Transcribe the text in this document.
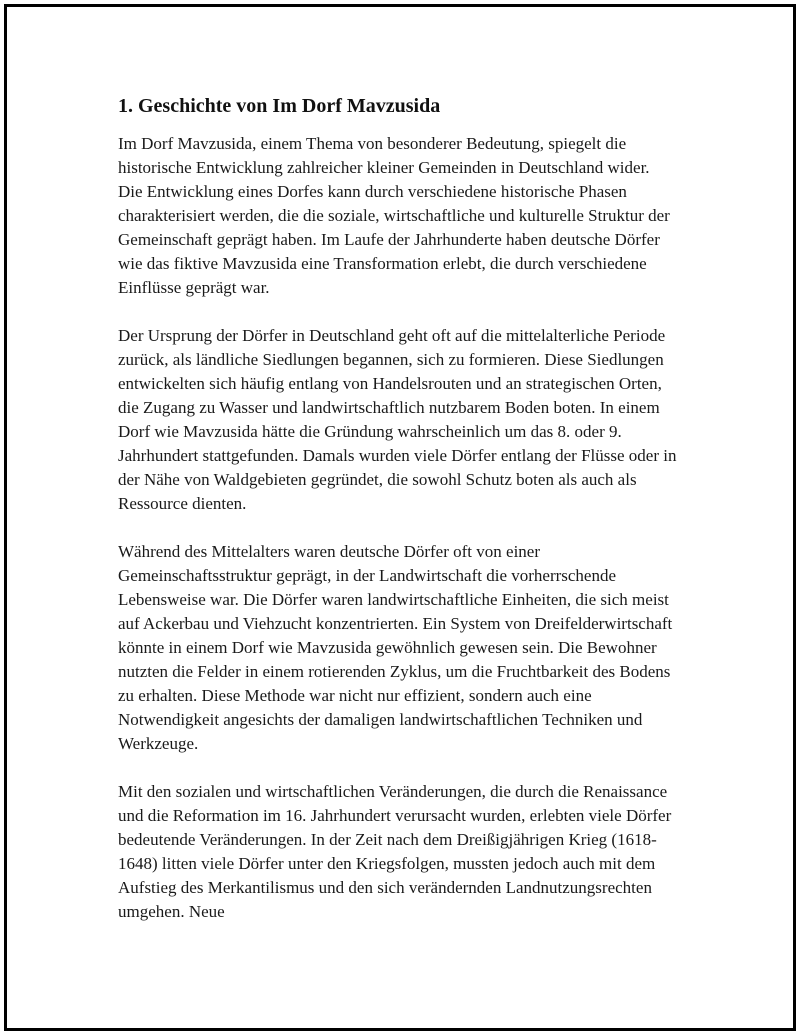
1. Geschichte von Im Dorf Mavzusida

Im Dorf Mavzusida, einem Thema von besonderer Bedeutung, spiegelt die historische Entwicklung zahlreicher kleiner Gemeinden in Deutschland wider. Die Entwicklung eines Dorfes kann durch verschiedene historische Phasen charakterisiert werden, die die soziale, wirtschaftliche und kulturelle Struktur der Gemeinschaft geprägt haben. Im Laufe der Jahrhunderte haben deutsche Dörfer wie das fiktive Mavzusida eine Transformation erlebt, die durch verschiedene Einflüsse geprägt war.

Der Ursprung der Dörfer in Deutschland geht oft auf die mittelalterliche Periode zurück, als ländliche Siedlungen begannen, sich zu formieren. Diese Siedlungen entwickelten sich häufig entlang von Handelsrouten und an strategischen Orten, die Zugang zu Wasser und landwirtschaftlich nutzbarem Boden boten. In einem Dorf wie Mavzusida hätte die Gründung wahrscheinlich um das 8. oder 9. Jahrhundert stattgefunden. Damals wurden viele Dörfer entlang der Flüsse oder in der Nähe von Waldgebieten gegründet, die sowohl Schutz boten als auch als Ressource dienten.

Während des Mittelalters waren deutsche Dörfer oft von einer Gemeinschaftsstruktur geprägt, in der Landwirtschaft die vorherrschende Lebensweise war. Die Dörfer waren landwirtschaftliche Einheiten, die sich meist auf Ackerbau und Viehzucht konzentrierten. Ein System von Dreifelderwirtschaft könnte in einem Dorf wie Mavzusida gewöhnlich gewesen sein. Die Bewohner nutzten die Felder in einem rotierenden Zyklus, um die Fruchtbarkeit des Bodens zu erhalten. Diese Methode war nicht nur effizient, sondern auch eine Notwendigkeit angesichts der damaligen landwirtschaftlichen Techniken und Werkzeuge.

Mit den sozialen und wirtschaftlichen Veränderungen, die durch die Renaissance und die Reformation im 16. Jahrhundert verursacht wurden, erlebten viele Dörfer bedeutende Veränderungen. In der Zeit nach dem Dreißigjährigen Krieg (1618-1648) litten viele Dörfer unter den Kriegsfolgen, mussten jedoch auch mit dem Aufstieg des Merkantilismus und den sich verändernden Landnutzungsrechten umgehen. Neue
